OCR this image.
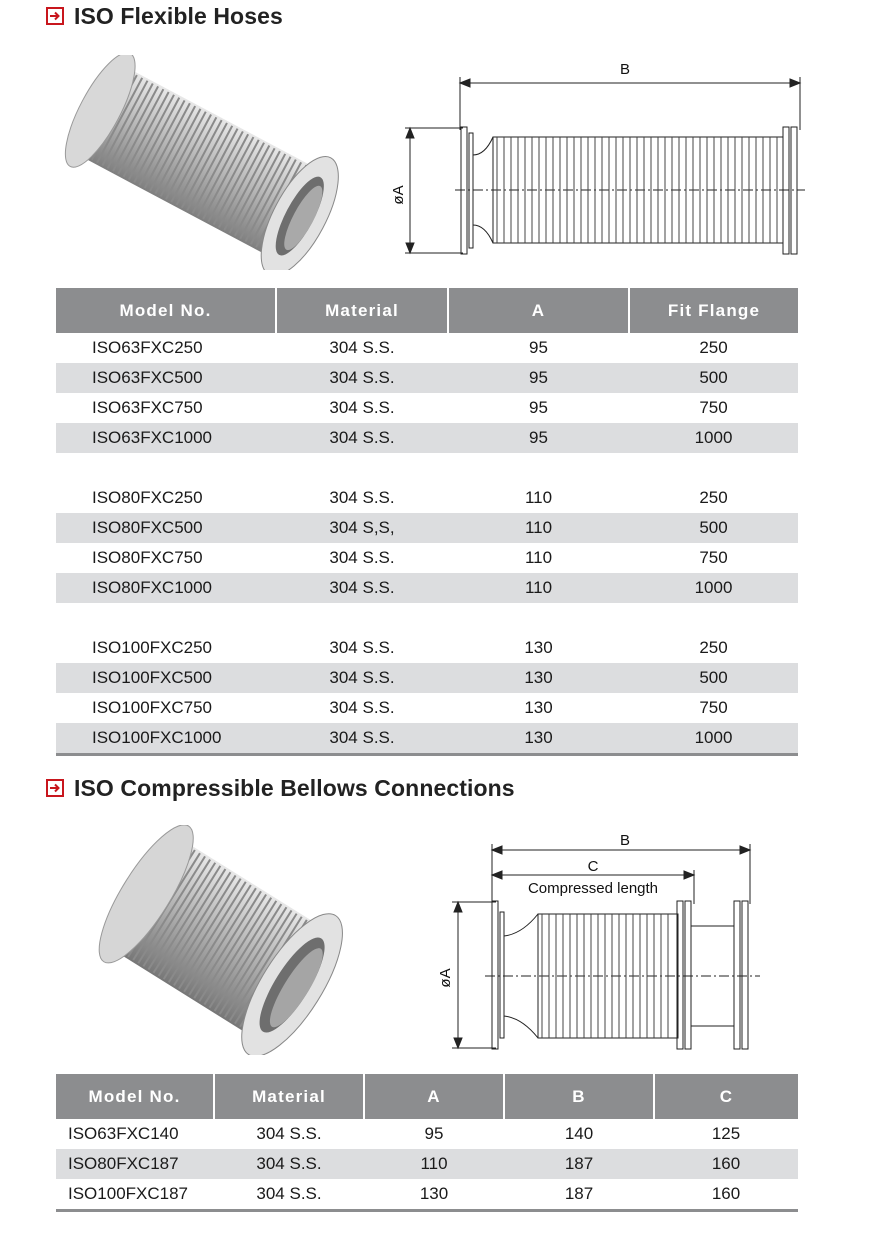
ISO Flexible Hoses
B
øA
Model No.	Material	A	Fit Flange
ISO63FXC250	304 S.S.	95	250
ISO63FXC500	304 S.S.	95	500
ISO63FXC750	304 S.S.	95	750
ISO63FXC1000	304 S.S.	95	1000

ISO80FXC250	304 S.S.	110	250
ISO80FXC500	304 S,S,	110	500
ISO80FXC750	304 S.S.	110	750
ISO80FXC1000	304 S.S.	110	1000

ISO100FXC250	304 S.S.	130	250
ISO100FXC500	304 S.S.	130	500
ISO100FXC750	304 S.S.	130	750
ISO100FXC1000	304 S.S.	130	1000
ISO Compressible Bellows Connections
B
C
Compressed length
øA
Model No.	Material	A	B	C
ISO63FXC140	304 S.S.	95	140	125
ISO80FXC187	304 S.S.	110	187	160
ISO100FXC187	304 S.S.	130	187	160
